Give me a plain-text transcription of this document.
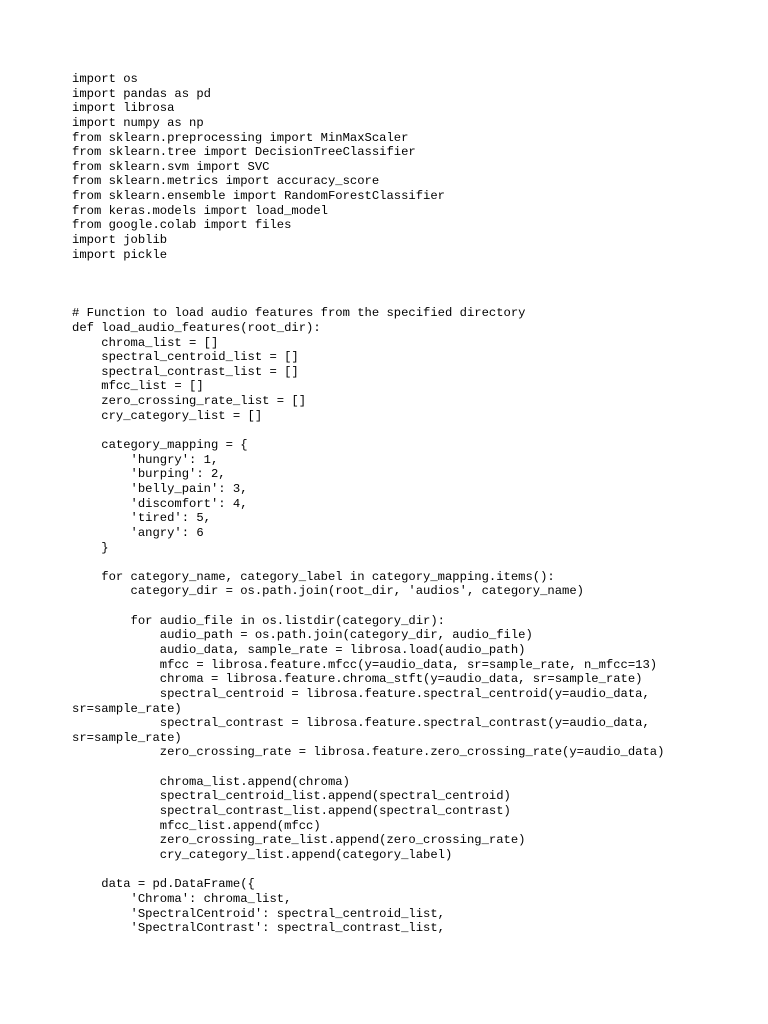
import os
import pandas as pd
import librosa
import numpy as np
from sklearn.preprocessing import MinMaxScaler
from sklearn.tree import DecisionTreeClassifier
from sklearn.svm import SVC
from sklearn.metrics import accuracy_score
from sklearn.ensemble import RandomForestClassifier
from keras.models import load_model
from google.colab import files
import joblib
import pickle
# Function to load audio features from the specified directory
def load_audio_features(root_dir):
chroma_list = []
spectral_centroid_list = []
spectral_contrast_list = []
mfcc_list = []
zero_crossing_rate_list = []
cry_category_list = []
category_mapping = {
'hungry': 1,
'burping': 2,
'belly_pain': 3,
'discomfort': 4,
'tired': 5,
'angry': 6
}
for category_name, category_label in category_mapping.items():
category_dir = os.path.join(root_dir, 'audios', category_name)
for audio_file in os.listdir(category_dir):
audio_path = os.path.join(category_dir, audio_file)
audio_data, sample_rate = librosa.load(audio_path)
mfcc = librosa.feature.mfcc(y=audio_data, sr=sample_rate, n_mfcc=13)
chroma = librosa.feature.chroma_stft(y=audio_data, sr=sample_rate)
spectral_centroid = librosa.feature.spectral_centroid(y=audio_data,
sr=sample_rate)
spectral_contrast = librosa.feature.spectral_contrast(y=audio_data,
sr=sample_rate)
zero_crossing_rate = librosa.feature.zero_crossing_rate(y=audio_data)
chroma_list.append(chroma)
spectral_centroid_list.append(spectral_centroid)
spectral_contrast_list.append(spectral_contrast)
mfcc_list.append(mfcc)
zero_crossing_rate_list.append(zero_crossing_rate)
cry_category_list.append(category_label)
data = pd.DataFrame({
'Chroma': chroma_list,
'SpectralCentroid': spectral_centroid_list,
'SpectralContrast': spectral_contrast_list,
